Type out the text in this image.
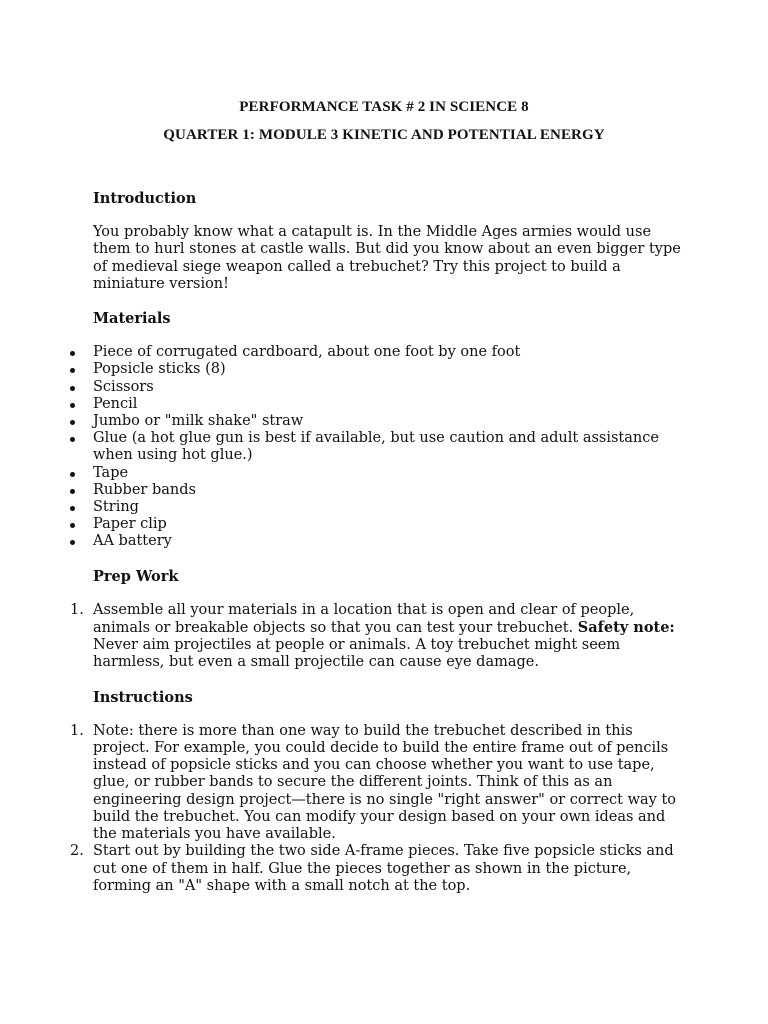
PERFORMANCE TASK # 2 IN SCIENCE 8
QUARTER 1: MODULE 3 KINETIC AND POTENTIAL ENERGY
Introduction

You probably know what a catapult is. In the Middle Ages armies would use them to hurl stones at castle walls. But did you know about an even bigger type of medieval siege weapon called a trebuchet? Try this project to build a miniature version!

Materials
Piece of corrugated cardboard, about one foot by one foot
Popsicle sticks (8)
Scissors
Pencil
Jumbo or "milk shake" straw
Glue (a hot glue gun is best if available, but use caution and adult assistance when using hot glue.)
Tape
Rubber bands
String
Paper clip
AA battery
Prep Work
1. Assemble all your materials in a location that is open and clear of people, animals or breakable objects so that you can test your trebuchet. Safety note: Never aim projectiles at people or animals. A toy trebuchet might seem harmless, but even a small projectile can cause eye damage.
Instructions
1. Note: there is more than one way to build the trebuchet described in this project. For example, you could decide to build the entire frame out of pencils instead of popsicle sticks and you can choose whether you want to use tape, glue, or rubber bands to secure the different joints. Think of this as an engineering design project—there is no single "right answer" or correct way to build the trebuchet. You can modify your design based on your own ideas and the materials you have available.
2. Start out by building the two side A-frame pieces. Take five popsicle sticks and cut one of them in half. Glue the pieces together as shown in the picture, forming an "A" shape with a small notch at the top.
